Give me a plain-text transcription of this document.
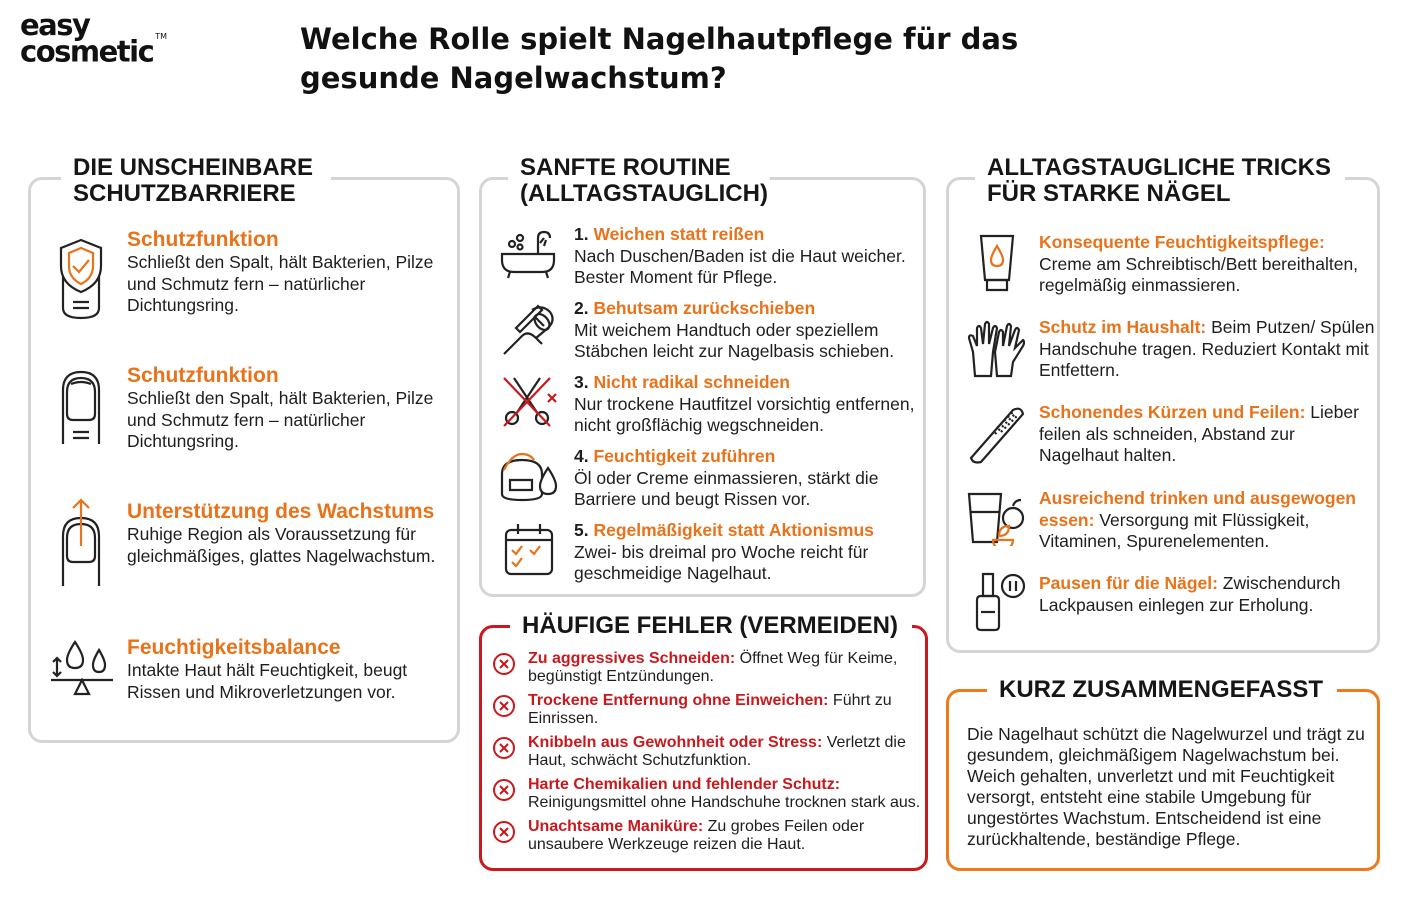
easy
cosmetic ™	Welche Rolle spielt Nagelhautpflege für das gesunde Nagelwachstum?
DIE UNSCHEINBARE SCHUTZBARRIERE
Schutzfunktion
Schließt den Spalt, hält Bakterien, Pilze und Schmutz fern – natürlicher Dichtungsring.
Schutzfunktion
Schließt den Spalt, hält Bakterien, Pilze und Schmutz fern – natürlicher Dichtungsring.
Unterstützung des Wachstums
Ruhige Region als Voraussetzung für gleichmäßiges, glattes Nagelwachstum.
Feuchtigkeitsbalance
Intakte Haut hält Feuchtigkeit, beugt Rissen und Mikroverletzungen vor.
SANFTE ROUTINE (ALLTAGSTAUGLICH)
1. Weichen statt reißen
Nach Duschen/Baden ist die Haut weicher. Bester Moment für Pflege.
2. Behutsam zurückschieben
Mit weichem Handtuch oder speziellem Stäbchen leicht zur Nagelbasis schieben.
3. Nicht radikal schneiden
Nur trockene Hautfitzel vorsichtig entfernen, nicht großflächig wegschneiden.
4. Feuchtigkeit zuführen
Öl oder Creme einmassieren, stärkt die Barriere und beugt Rissen vor.
5. Regelmäßigkeit statt Aktionismus
Zwei- bis dreimal pro Woche reicht für geschmeidige Nagelhaut.
ALLTAGSTAUGLICHE TRICKS FÜR STARKE NÄGEL
Konsequente Feuchtigkeitspflege: Creme am Schreibtisch/Bett bereithalten, regelmäßig einmassieren.
Schutz im Haushalt: Beim Putzen/ Spülen Handschuhe tragen. Reduziert Kontakt mit Entfettern.
Schonendes Kürzen und Feilen: Lieber feilen als schneiden, Abstand zur Nagelhaut halten.
Ausreichend trinken und ausgewogen essen: Versorgung mit Flüssigkeit, Vitaminen, Spurenelementen.
Pausen für die Nägel: Zwischendurch Lackpausen einlegen zur Erholung.
HÄUFIGE FEHLER (VERMEIDEN)
Zu aggressives Schneiden: Öffnet Weg für Keime, begünstigt Entzündungen.
Trockene Entfernung ohne Einweichen: Führt zu Einrissen.
Knibbeln aus Gewohnheit oder Stress: Verletzt die Haut, schwächt Schutzfunktion.
Harte Chemikalien und fehlender Schutz:
Reinigungsmittel ohne Handschuhe trocknen stark aus.
Unachtsame Maniküre: Zu grobes Feilen oder unsaubere Werkzeuge reizen die Haut.
KURZ ZUSAMMENGEFASST
Die Nagelhaut schützt die Nagelwurzel und trägt zu gesundem, gleichmäßigem Nagelwachstum bei. Weich gehalten, unverletzt und mit Feuchtigkeit versorgt, entsteht eine stabile Umgebung für ungestörtes Wachstum. Entscheidend ist eine zurückhaltende, beständige Pflege.
